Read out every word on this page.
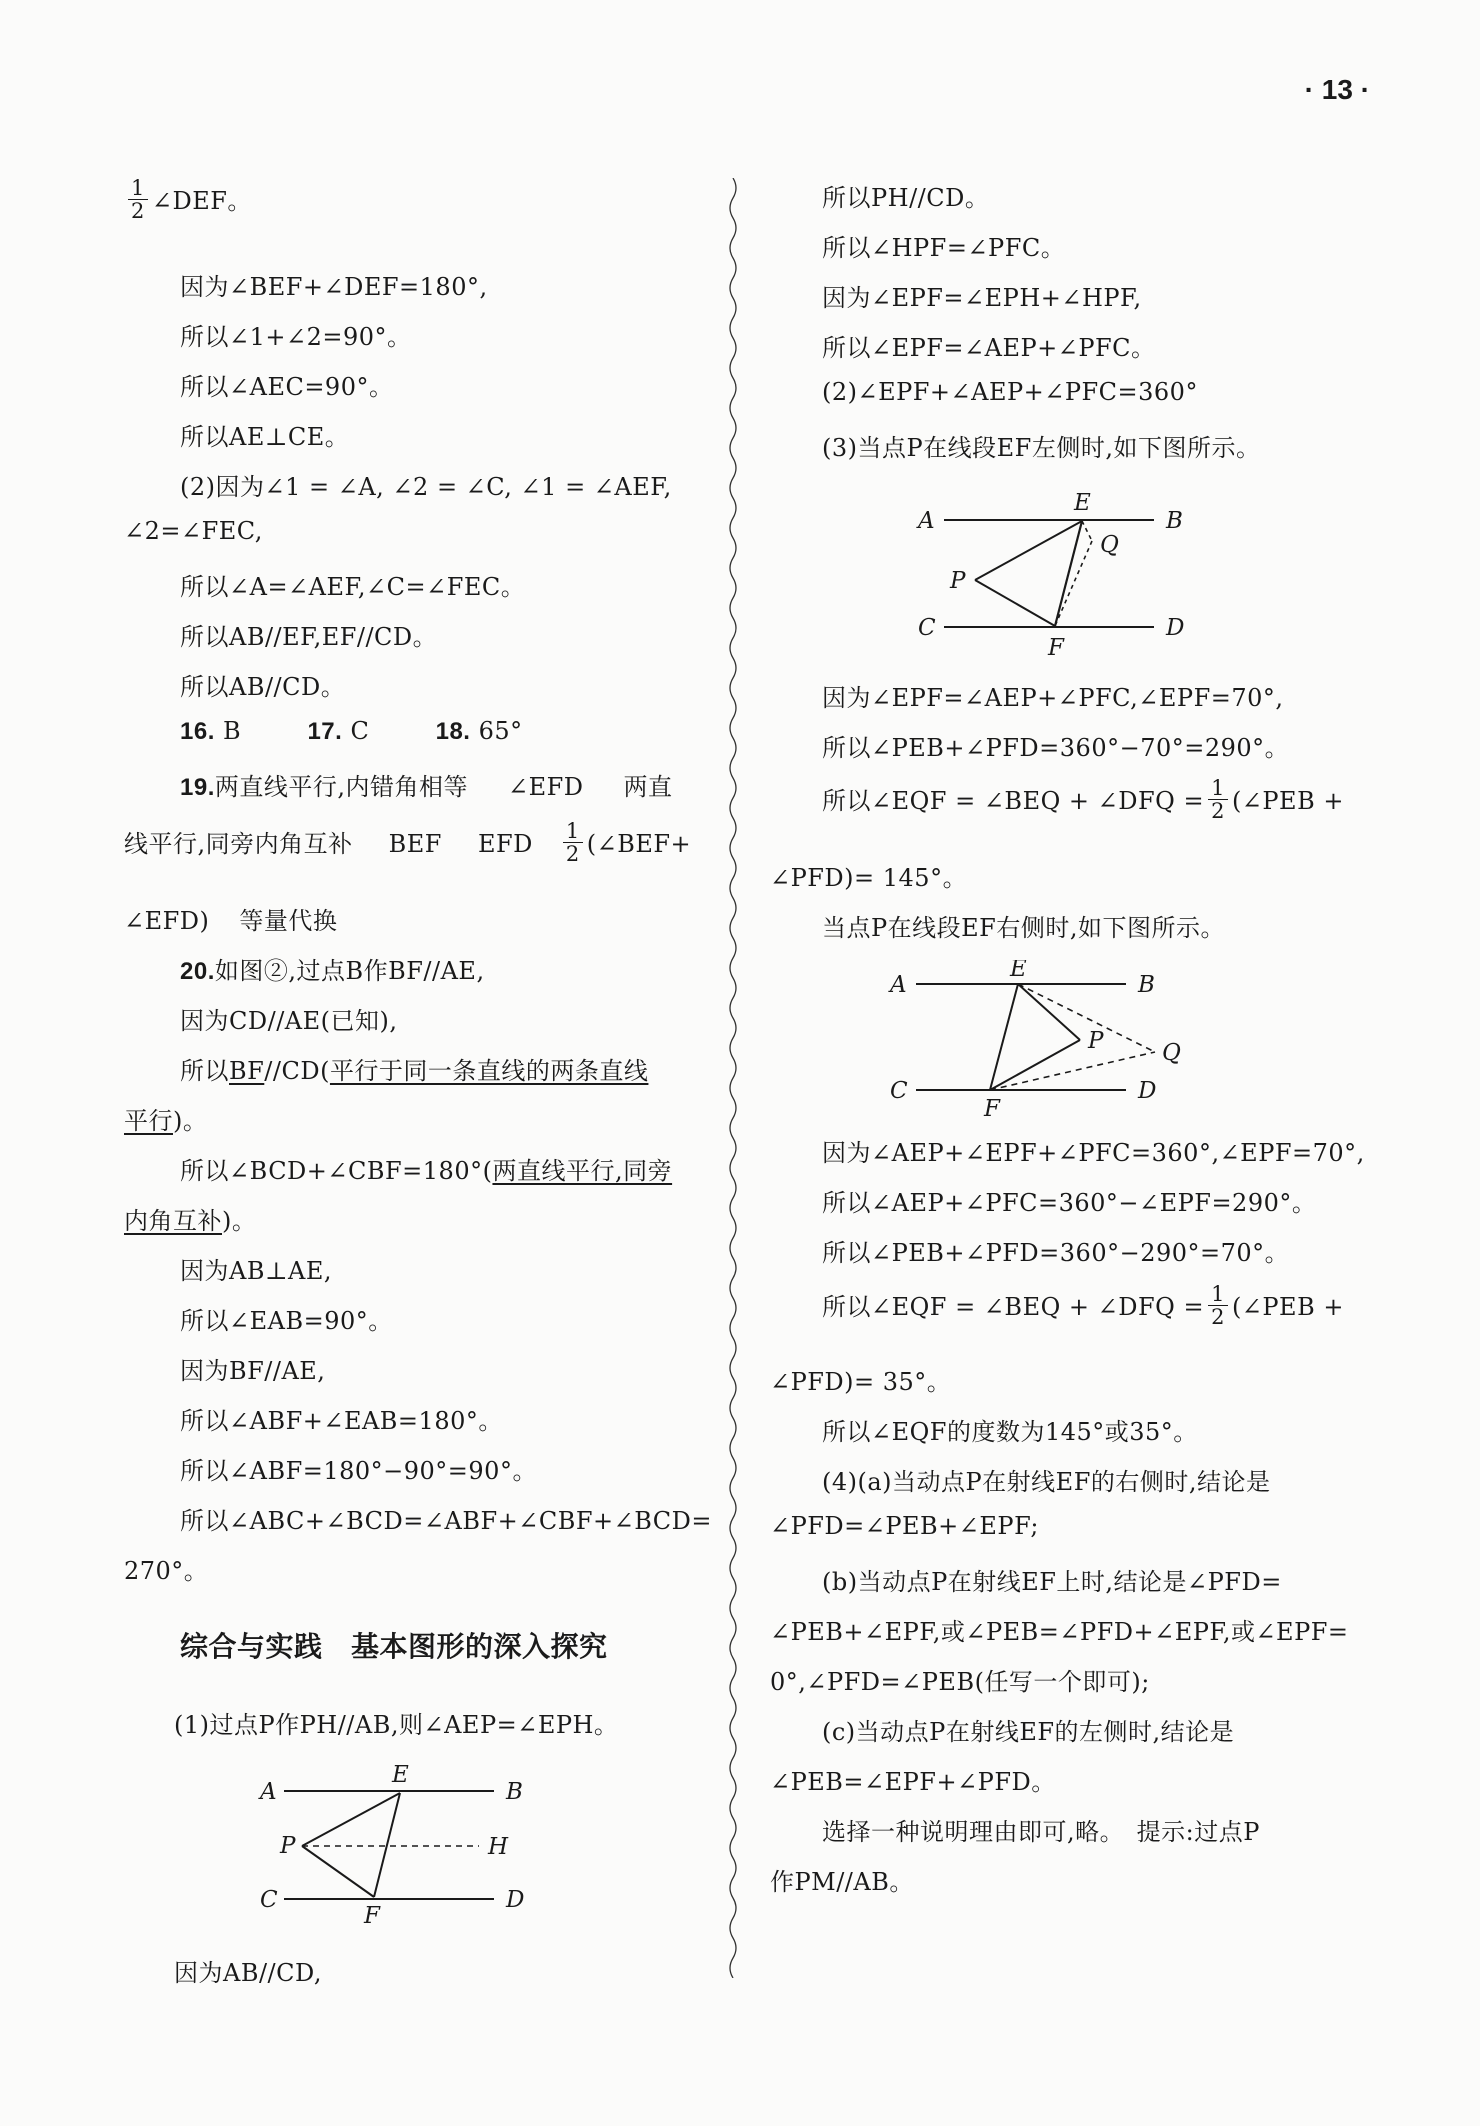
· 13 ·
$\frac{1}{2}$ ∠DEF。
因为∠BEF+∠DEF=180°,
所以∠1+∠2=90°。
所以∠AEC=90°。
所以AE⊥CE。
(2)因为∠1 = ∠A, ∠2 = ∠C, ∠1 = ∠AEF,
∠2=∠FEC,
所以∠A=∠AEF,∠C=∠FEC。
所以AB//EF,EF//CD。
所以AB//CD。
16. B	17. C	18. 65°
19.两直线平行,内错角相等 ∠EFD 两直
线平行,同旁内角互补 BEF EFD $\frac{1}{2}$ (∠BEF+
∠EFD) 等量代换
20.如图②,过点B作BF//AE,
因为CD//AE(已知),
所以BF//CD(平行于同一条直线的两条直线
平行)。
所以∠BCD+∠CBF=180°(两直线平行,同旁
内角互补)。
因为AB⊥AE,
所以∠EAB=90°。
因为BF//AE,
所以∠ABF+∠EAB=180°。
所以∠ABF=180°−90°=90°。
所以∠ABC+∠BCD=∠ABF+∠CBF+∠BCD=
270°。
综合与实践　基本图形的深入探究
(1)过点P作PH//AB,则∠AEP=∠EPH。
A
E
B
P	H
C
F
D
因为AB//CD,
所以PH//CD。
所以∠HPF=∠PFC。
因为∠EPF=∠EPH+∠HPF,
所以∠EPF=∠AEP+∠PFC。
(2)∠EPF+∠AEP+∠PFC=360°
(3)当点P在线段EF左侧时,如下图所示。
A
E
B
Q
P
C
F
D
因为∠EPF=∠AEP+∠PFC,∠EPF=70°,
所以∠PEB+∠PFD=360°−70°=290°。
所以∠EQF = ∠BEQ + ∠DFQ = $\frac{1}{2}$ (∠PEB +
∠PFD)= 145°。
当点P在线段EF右侧时,如下图所示。
A
E
B
P	Q
C
F
D
因为∠AEP+∠EPF+∠PFC=360°,∠EPF=70°,
所以∠AEP+∠PFC=360°−∠EPF=290°。
所以∠PEB+∠PFD=360°−290°=70°。
所以∠EQF = ∠BEQ + ∠DFQ = $\frac{1}{2}$ (∠PEB +
∠PFD)= 35°。
所以∠EQF的度数为145°或35°。
(4)(a)当动点P在射线EF的右侧时,结论是
∠PFD=∠PEB+∠EPF;
(b)当动点P在射线EF上时,结论是∠PFD=
∠PEB+∠EPF,或∠PEB=∠PFD+∠EPF,或∠EPF=
0°,∠PFD=∠PEB(任写一个即可);
(c)当动点P在射线EF的左侧时,结论是
∠PEB=∠EPF+∠PFD。
选择一种说明理由即可,略。　提示:过点P
作PM//AB。
